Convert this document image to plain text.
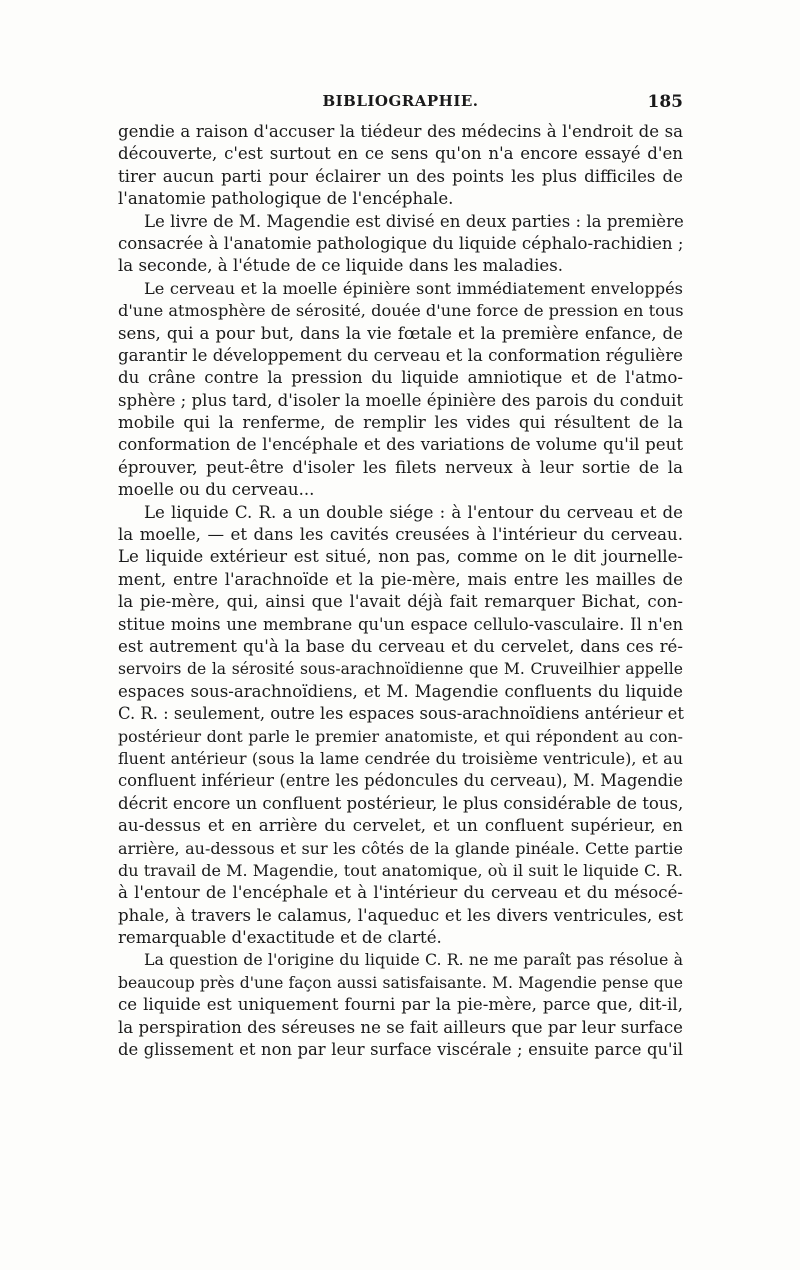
BIBLIOGRAPHIE.	185
gendie a raison d'accuser la tiédeur des médecins à l'endroit de sa
découverte, c'est surtout en ce sens qu'on n'a encore essayé d'en
tirer aucun parti pour éclairer un des points les plus difficiles de
l'anatomie pathologique de l'encéphale.
Le livre de M. Magendie est divisé en deux parties : la première
consacrée à l'anatomie pathologique du liquide céphalo-rachidien ;
la seconde, à l'étude de ce liquide dans les maladies.
Le cerveau et la moelle épinière sont immédiatement enveloppés
d'une atmosphère de sérosité, douée d'une force de pression en tous
sens, qui a pour but, dans la vie fœtale et la première enfance, de
garantir le développement du cerveau et la conformation régulière
du crâne contre la pression du liquide amniotique et de l'atmo-
sphère ; plus tard, d'isoler la moelle épinière des parois du conduit
mobile qui la renferme, de remplir les vides qui résultent de la
conformation de l'encéphale et des variations de volume qu'il peut
éprouver, peut-être d'isoler les filets nerveux à leur sortie de la
moelle ou du cerveau...
Le liquide C. R. a un double siége : à l'entour du cerveau et de
la moelle, — et dans les cavités creusées à l'intérieur du cerveau.
Le liquide extérieur est situé, non pas, comme on le dit journelle-
ment, entre l'arachnoïde et la pie-mère, mais entre les mailles de
la pie-mère, qui, ainsi que l'avait déjà fait remarquer Bichat, con-
stitue moins une membrane qu'un espace cellulo-vasculaire. Il n'en
est autrement qu'à la base du cerveau et du cervelet, dans ces ré-
servoirs de la sérosité sous-arachnoïdienne que M. Cruveilhier appelle
espaces sous-arachnoïdiens, et M. Magendie confluents du liquide
C. R. : seulement, outre les espaces sous-arachnoïdiens antérieur et
postérieur dont parle le premier anatomiste, et qui répondent au con-
fluent antérieur (sous la lame cendrée du troisième ventricule), et au
confluent inférieur (entre les pédoncules du cerveau), M. Magendie
décrit encore un confluent postérieur, le plus considérable de tous,
au-dessus et en arrière du cervelet, et un confluent supérieur, en
arrière, au-dessous et sur les côtés de la glande pinéale. Cette partie
du travail de M. Magendie, tout anatomique, où il suit le liquide C. R.
à l'entour de l'encéphale et à l'intérieur du cerveau et du mésocé-
phale, à travers le calamus, l'aqueduc et les divers ventricules, est
remarquable d'exactitude et de clarté.
La question de l'origine du liquide C. R. ne me paraît pas résolue à
beaucoup près d'une façon aussi satisfaisante. M. Magendie pense que
ce liquide est uniquement fourni par la pie-mère, parce que, dit-il,
la perspiration des séreuses ne se fait ailleurs que par leur surface
de glissement et non par leur surface viscérale ; ensuite parce qu'il
